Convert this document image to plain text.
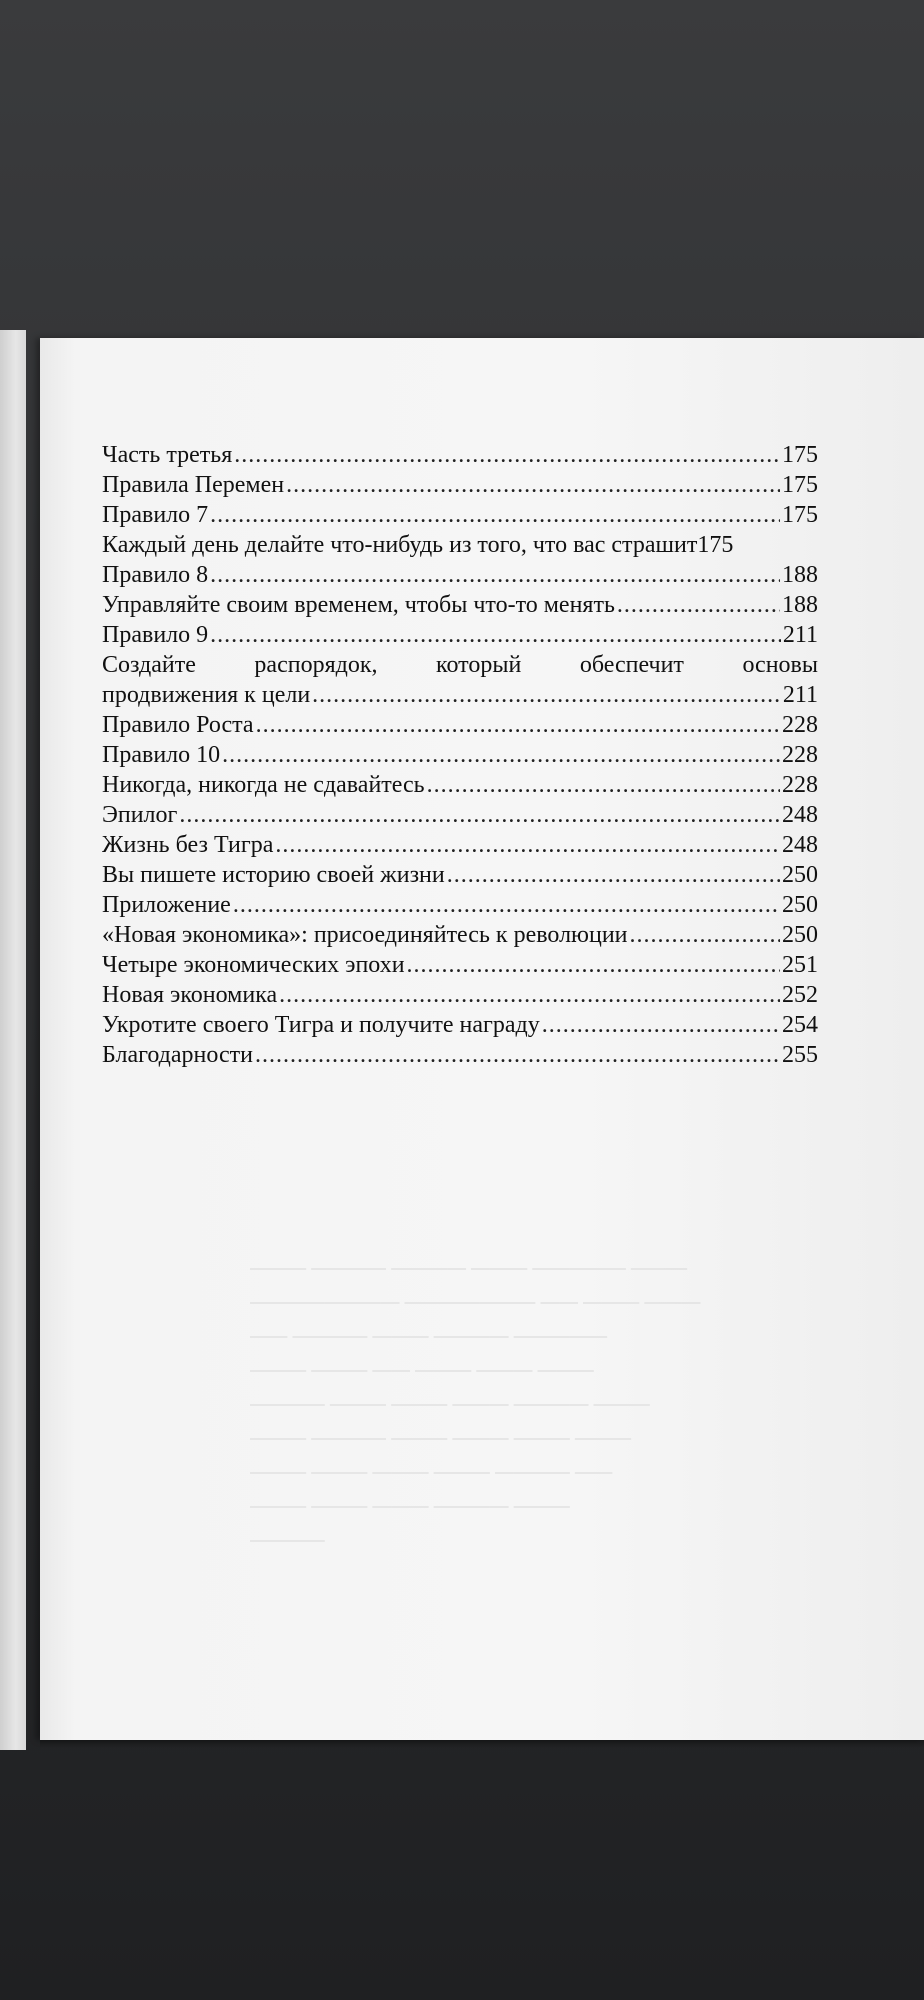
——— ———— ———— ——— ————— ———
———————— ——————— —— ——— ———
—— ———— ——— ———— —————
——— ——— —— ——— ——— ———
———— ——— ——— ——— ———— ———
——— ———— ——— ——— ——— ———
——— ——— ——— ——— ———— ——
——— ——— ——— ———— ———
————
Часть третья .....	175
Правила Перемен .....	175
Правило 7 .....	175
Каждый день делайте что-нибудь из того, что вас страшит 175
Правило 8 .....	188
Управляйте своим временем, чтобы что-то менять .....	188
Правило 9 .....	211
Создайте распорядок, который обеспечит основы
продвижения к цели .....	211
Правило Роста .....	228
Правило 10 .....	228
Никогда, никогда не сдавайтесь .....	228
Эпилог .....	248
Жизнь без Тигра .....	248
Вы пишете историю своей жизни .....	250
Приложение .....	250
«Новая экономика»: присоединяйтесь к революции .....	250
Четыре экономических эпохи .....	251
Новая экономика .....	252
Укротите своего Тигра и получите награду .....	254
Благодарности .....	255
